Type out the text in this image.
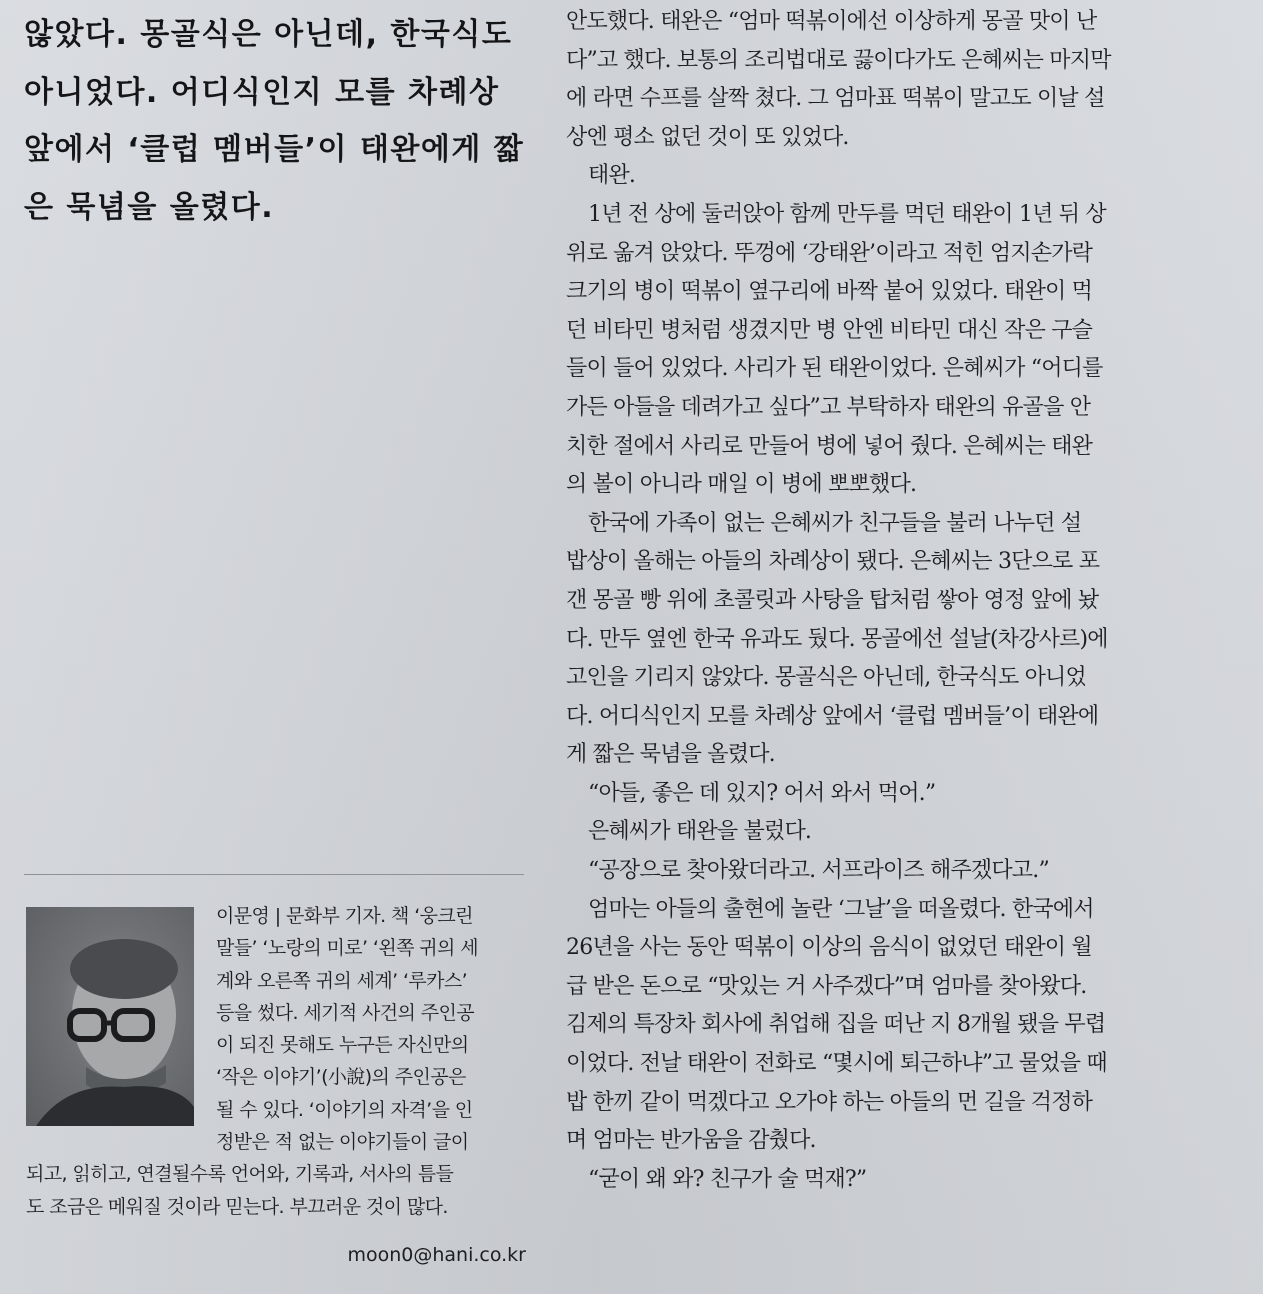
않았다. 몽골식은 아닌데, 한국식도
아니었다. 어디식인지 모를 차례상
앞에서 ‘클럽 멤버들’이 태완에게 짧
은 묵념을 올렸다.
이문영 | 문화부 기자. 책 ‘웅크린
말들’ ‘노랑의 미로’ ‘왼쪽 귀의 세
계와 오른쪽 귀의 세계’ ‘루카스’
등을 썼다. 세기적 사건의 주인공
이 되진 못해도 누구든 자신만의
‘작은 이야기’(小說)의 주인공은
될 수 있다. ‘이야기의 자격’을 인
정받은 적 없는 이야기들이 글이
되고, 읽히고, 연결될수록 언어와, 기록과, 서사의 틈들
도 조금은 메워질 것이라 믿는다. 부끄러운 것이 많다.
moon0@hani.co.kr
안도했다. 태완은 “엄마 떡볶이에선 이상하게 몽골 맛이 난
다”고 했다. 보통의 조리법대로 끓이다가도 은혜씨는 마지막
에 라면 수프를 살짝 쳤다. 그 엄마표 떡볶이 말고도 이날 설
상엔 평소 없던 것이 또 있었다.
태완.
1년 전 상에 둘러앉아 함께 만두를 먹던 태완이 1년 뒤 상
위로 옮겨 앉았다. 뚜껑에 ‘강태완’이라고 적힌 엄지손가락
크기의 병이 떡볶이 옆구리에 바짝 붙어 있었다. 태완이 먹
던 비타민 병처럼 생겼지만 병 안엔 비타민 대신 작은 구슬
들이 들어 있었다. 사리가 된 태완이었다. 은혜씨가 “어디를
가든 아들을 데려가고 싶다”고 부탁하자 태완의 유골을 안
치한 절에서 사리로 만들어 병에 넣어 줬다. 은혜씨는 태완
의 볼이 아니라 매일 이 병에 뽀뽀했다.
한국에 가족이 없는 은혜씨가 친구들을 불러 나누던 설
밥상이 올해는 아들의 차례상이 됐다. 은혜씨는 3단으로 포
갠 몽골 빵 위에 초콜릿과 사탕을 탑처럼 쌓아 영정 앞에 놨
다. 만두 옆엔 한국 유과도 뒀다. 몽골에선 설날(차강사르)에
고인을 기리지 않았다. 몽골식은 아닌데, 한국식도 아니었
다. 어디식인지 모를 차례상 앞에서 ‘클럽 멤버들’이 태완에
게 짧은 묵념을 올렸다.
“아들, 좋은 데 있지? 어서 와서 먹어.”
은혜씨가 태완을 불렀다.
“공장으로 찾아왔더라고. 서프라이즈 해주겠다고.”
엄마는 아들의 출현에 놀란 ‘그날’을 떠올렸다. 한국에서
26년을 사는 동안 떡볶이 이상의 음식이 없었던 태완이 월
급 받은 돈으로 “맛있는 거 사주겠다”며 엄마를 찾아왔다.
김제의 특장차 회사에 취업해 집을 떠난 지 8개월 됐을 무렵
이었다. 전날 태완이 전화로 “몇시에 퇴근하냐”고 물었을 때
밥 한끼 같이 먹겠다고 오가야 하는 아들의 먼 길을 걱정하
며 엄마는 반가움을 감췄다.
“굳이 왜 와? 친구가 술 먹재?”
